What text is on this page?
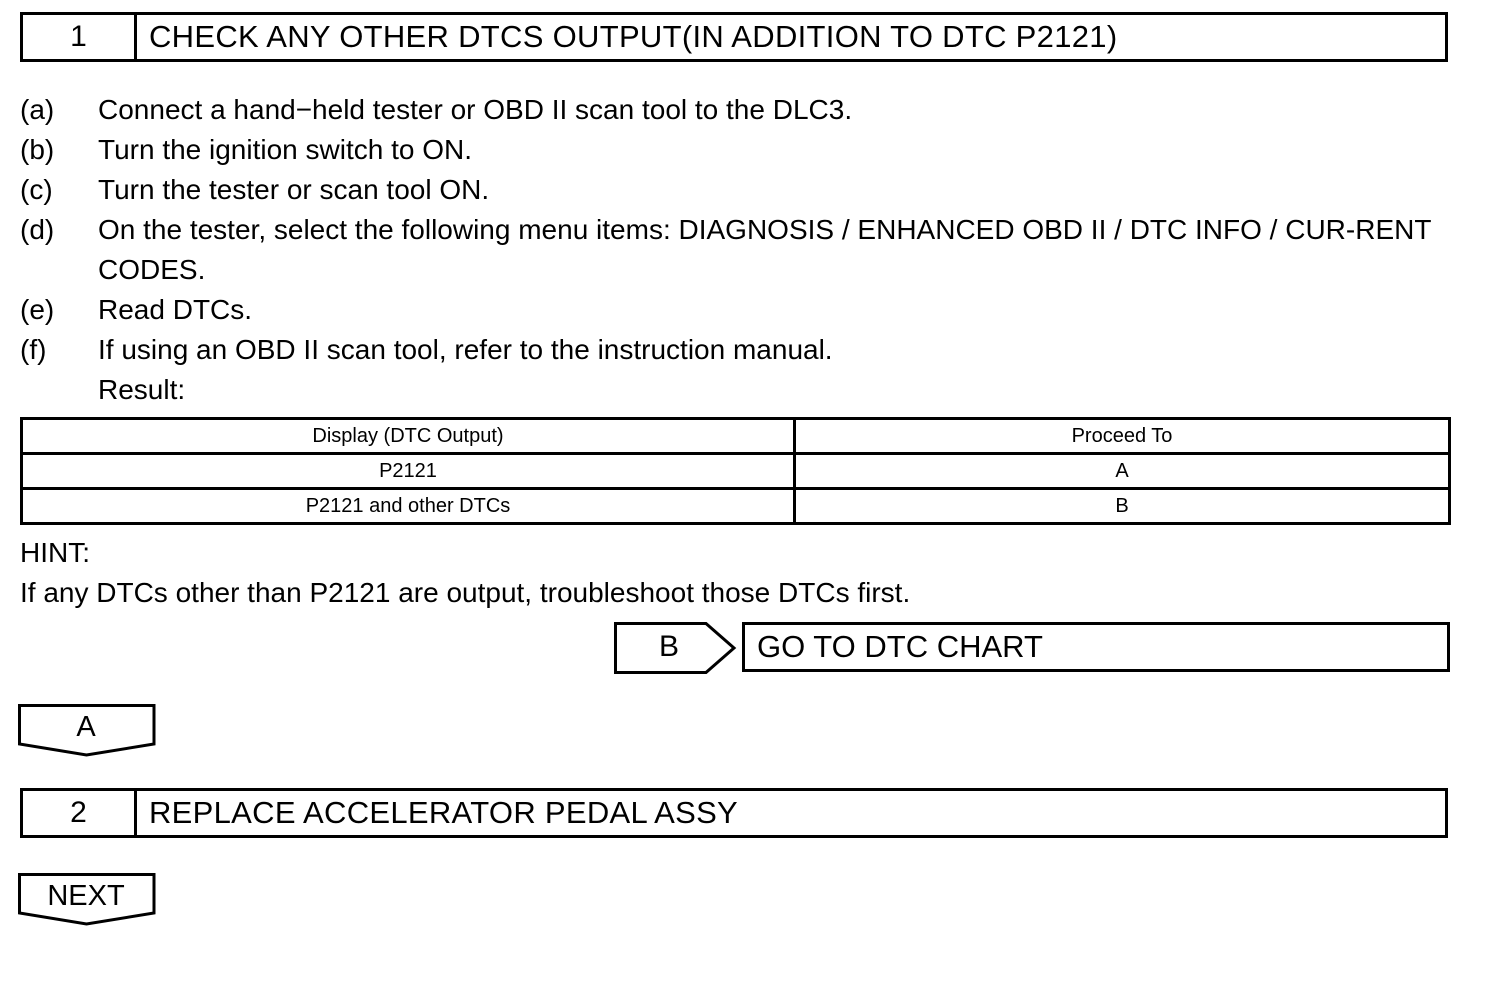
1	CHECK ANY OTHER DTCS OUTPUT(IN ADDITION TO DTC P2121)
(a)	Connect a hand−held tester or OBD II scan tool to the DLC3.
(b)	Turn the ignition switch to ON.
(c)	Turn the tester or scan tool ON.
(d)	On the tester, select the following menu items: DIAGNOSIS / ENHANCED OBD II / DTC INFO / CUR-RENT CODES.
(e)	Read DTCs.
(f)	If using an OBD II scan tool, refer to the instruction manual.
Result:
Display (DTC Output)	Proceed To
P2121	A
P2121 and other DTCs	B
HINT:
If any DTCs other than P2121 are output, troubleshoot those DTCs first.
B	GO TO DTC CHART
A
2	REPLACE ACCELERATOR PEDAL ASSY
NEXT
